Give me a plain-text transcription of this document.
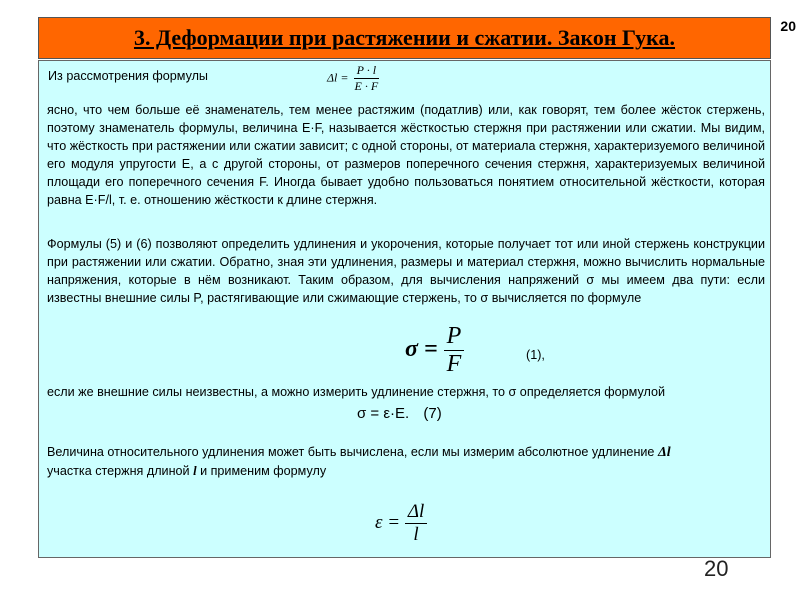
20
3. Деформации при растяжении и сжатии. Закон Гука.
Из рассмотрения формулы	$\Delta l = \frac{P \cdot l}{E \cdot F}$
ясно, что чем больше её знаменатель, тем менее растяжим (податлив) или, как говорят, тем более жёсток стержень, поэтому знаменатель формулы, величина E·F, называется жёсткостью стержня при растяжении или сжатии. Мы видим, что жёсткость при растяжении или сжатии зависит; с одной стороны, от материала стержня, характеризуемого величиной его модуля упругости Е, а с другой стороны, от размеров поперечного сечения стержня, характеризуемых величиной площади его поперечного сечения F. Иногда бывает удобно пользоваться понятием относительной жёсткости, которая равна E·F/l, т. е. отношению жёсткости к длине стержня.
Формулы (5) и (6) позволяют определить удлинения и укорочения, которые получает тот или иной стержень конструкции при растяжении или сжатии. Обратно, зная эти удлинения, размеры и материал стержня, можно вычислить нормальные напряжения, которые в нём возникают. Таким образом, для вычисления напряжений σ мы имеем два пути: если известны внешние силы P, растягивающие или сжимающие стержень, то σ вычисляется по формуле
$\sigma = \frac{P}{F}$	(1),
если же внешние силы неизвестны, а можно измерить удлинение стержня, то σ определяется формулой
σ = ε·E. (7)
Величина относительного удлинения может быть вычислена, если мы измерим абсолютное удлинение Δl
участка стержня длиной l и применим формулу
$\varepsilon = \frac{\Delta l}{l}$
20
